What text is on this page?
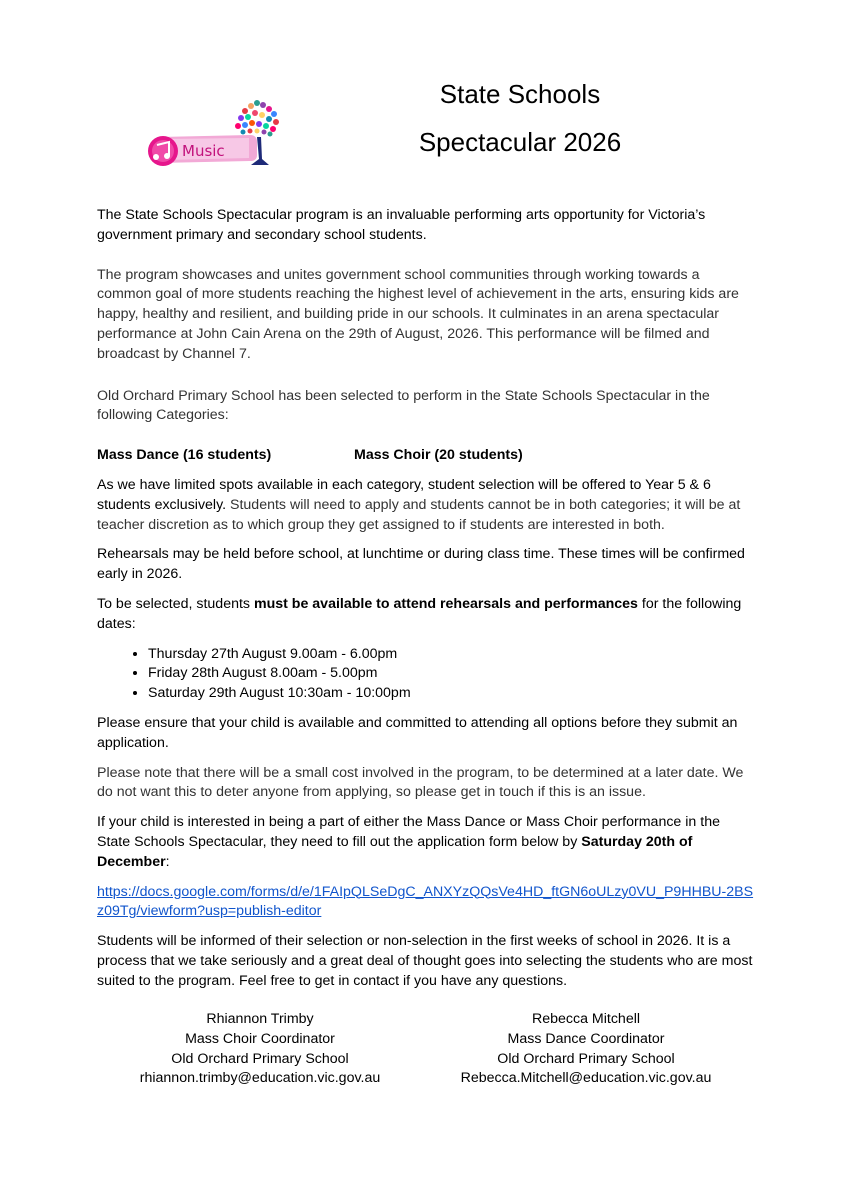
Music
State Schools
Spectacular 2026

The State Schools Spectacular program is an invaluable performing arts opportunity for Victoria’s government primary and secondary school students.

The program showcases and unites government school communities through working towards a common goal of more students reaching the highest level of achievement in the arts, ensuring kids are happy, healthy and resilient, and building pride in our schools. It culminates in an arena spectacular performance at John Cain Arena on the 29th of August, 2026. This performance will be filmed and broadcast by Channel 7.

Old Orchard Primary School has been selected to perform in the State Schools Spectacular in the following Categories:

Mass Dance (16 students)	Mass Choir (20 students)

As we have limited spots available in each category, student selection will be offered to Year 5 & 6 students exclusively. Students will need to apply and students cannot be in both categories; it will be at teacher discretion as to which group they get assigned to if students are interested in both.

Rehearsals may be held before school, at lunchtime or during class time. These times will be confirmed early in 2026.

To be selected, students must be available to attend rehearsals and performances for the following dates:

• Thursday 27th August 9.00am - 6.00pm
• Friday 28th August 8.00am - 5.00pm
• Saturday 29th August 10:30am - 10:00pm

Please ensure that your child is available and committed to attending all options before they submit an application.

Please note that there will be a small cost involved in the program, to be determined at a later date. We do not want this to deter anyone from applying, so please get in touch if this is an issue.

If your child is interested in being a part of either the Mass Dance or Mass Choir performance in the State Schools Spectacular, they need to fill out the application form below by Saturday 20th of December:

https://docs.google.com/forms/d/e/1FAIpQLSeDgC_ANXYzQQsVe4HD_ftGN6oULzy0VU_P9HHBU-2BSz09Tg/viewform?usp=publish-editor

Students will be informed of their selection or non-selection in the first weeks of school in 2026. It is a process that we take seriously and a great deal of thought goes into selecting the students who are most suited to the program. Feel free to get in contact if you have any questions.

Rhiannon Trimby
Mass Choir Coordinator
Old Orchard Primary School
rhiannon.trimby@education.vic.gov.au
Rebecca Mitchell
Mass Dance Coordinator
Old Orchard Primary School
Rebecca.Mitchell@education.vic.gov.au
